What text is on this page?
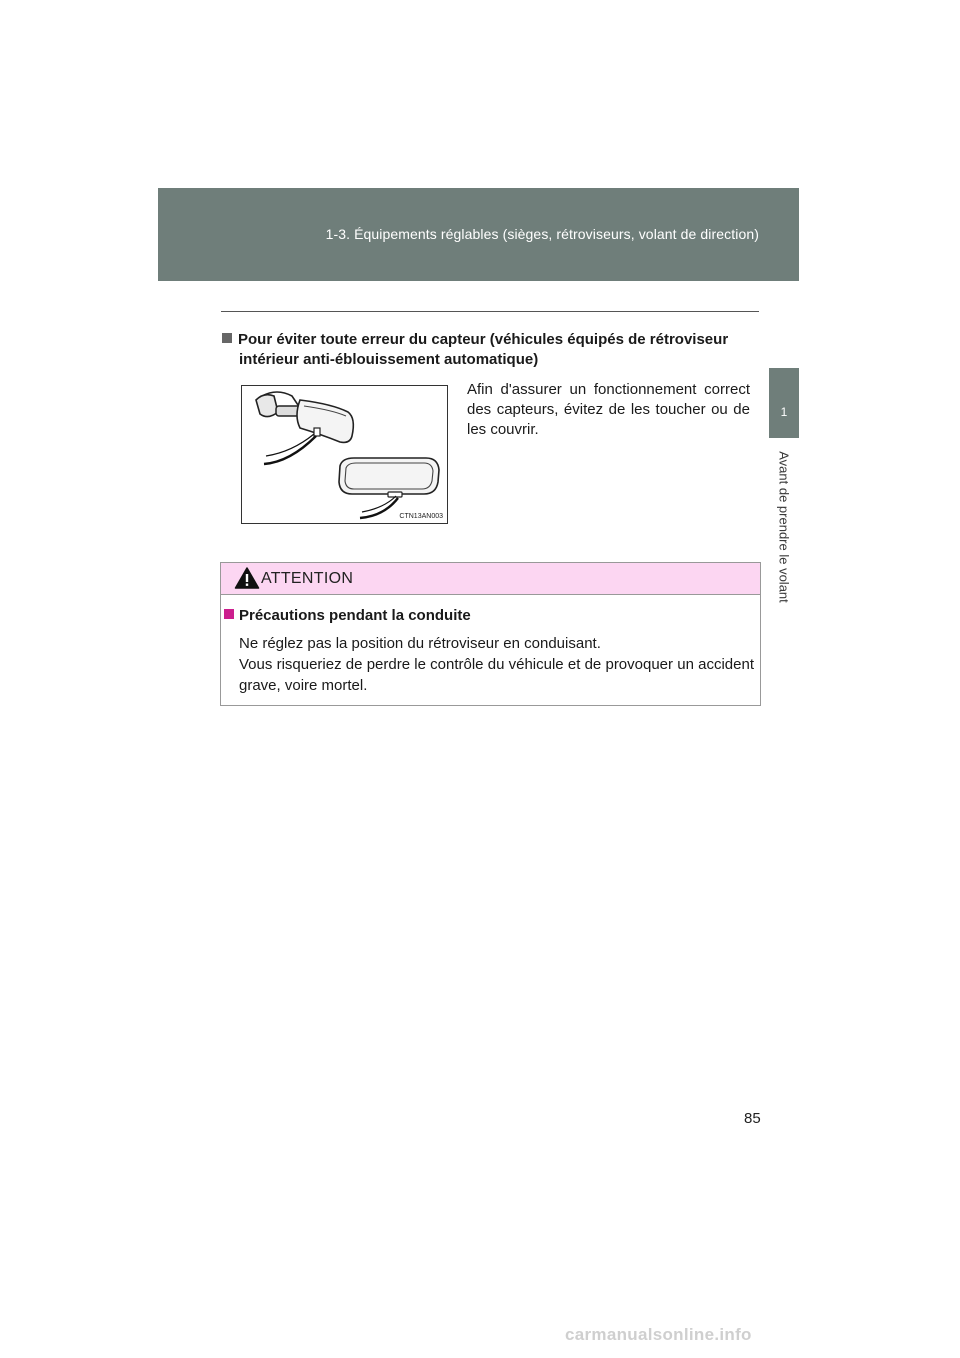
1-3. Équipements réglables (sièges, rétroviseurs, volant de direction)
1
Avant de prendre le volant
Pour éviter toute erreur du capteur (véhicules équipés de rétroviseur
intérieur anti-éblouissement automatique)
CTN13AN003
Afin d'assurer un fonctionnement correct des capteurs, évitez de les toucher ou de les couvrir.
ATTENTION
Précautions pendant la conduite
Ne réglez pas la position du rétroviseur en conduisant.
Vous risqueriez de perdre le contrôle du véhicule et de provoquer un accident grave, voire mortel.
85
carmanualsonline.info
